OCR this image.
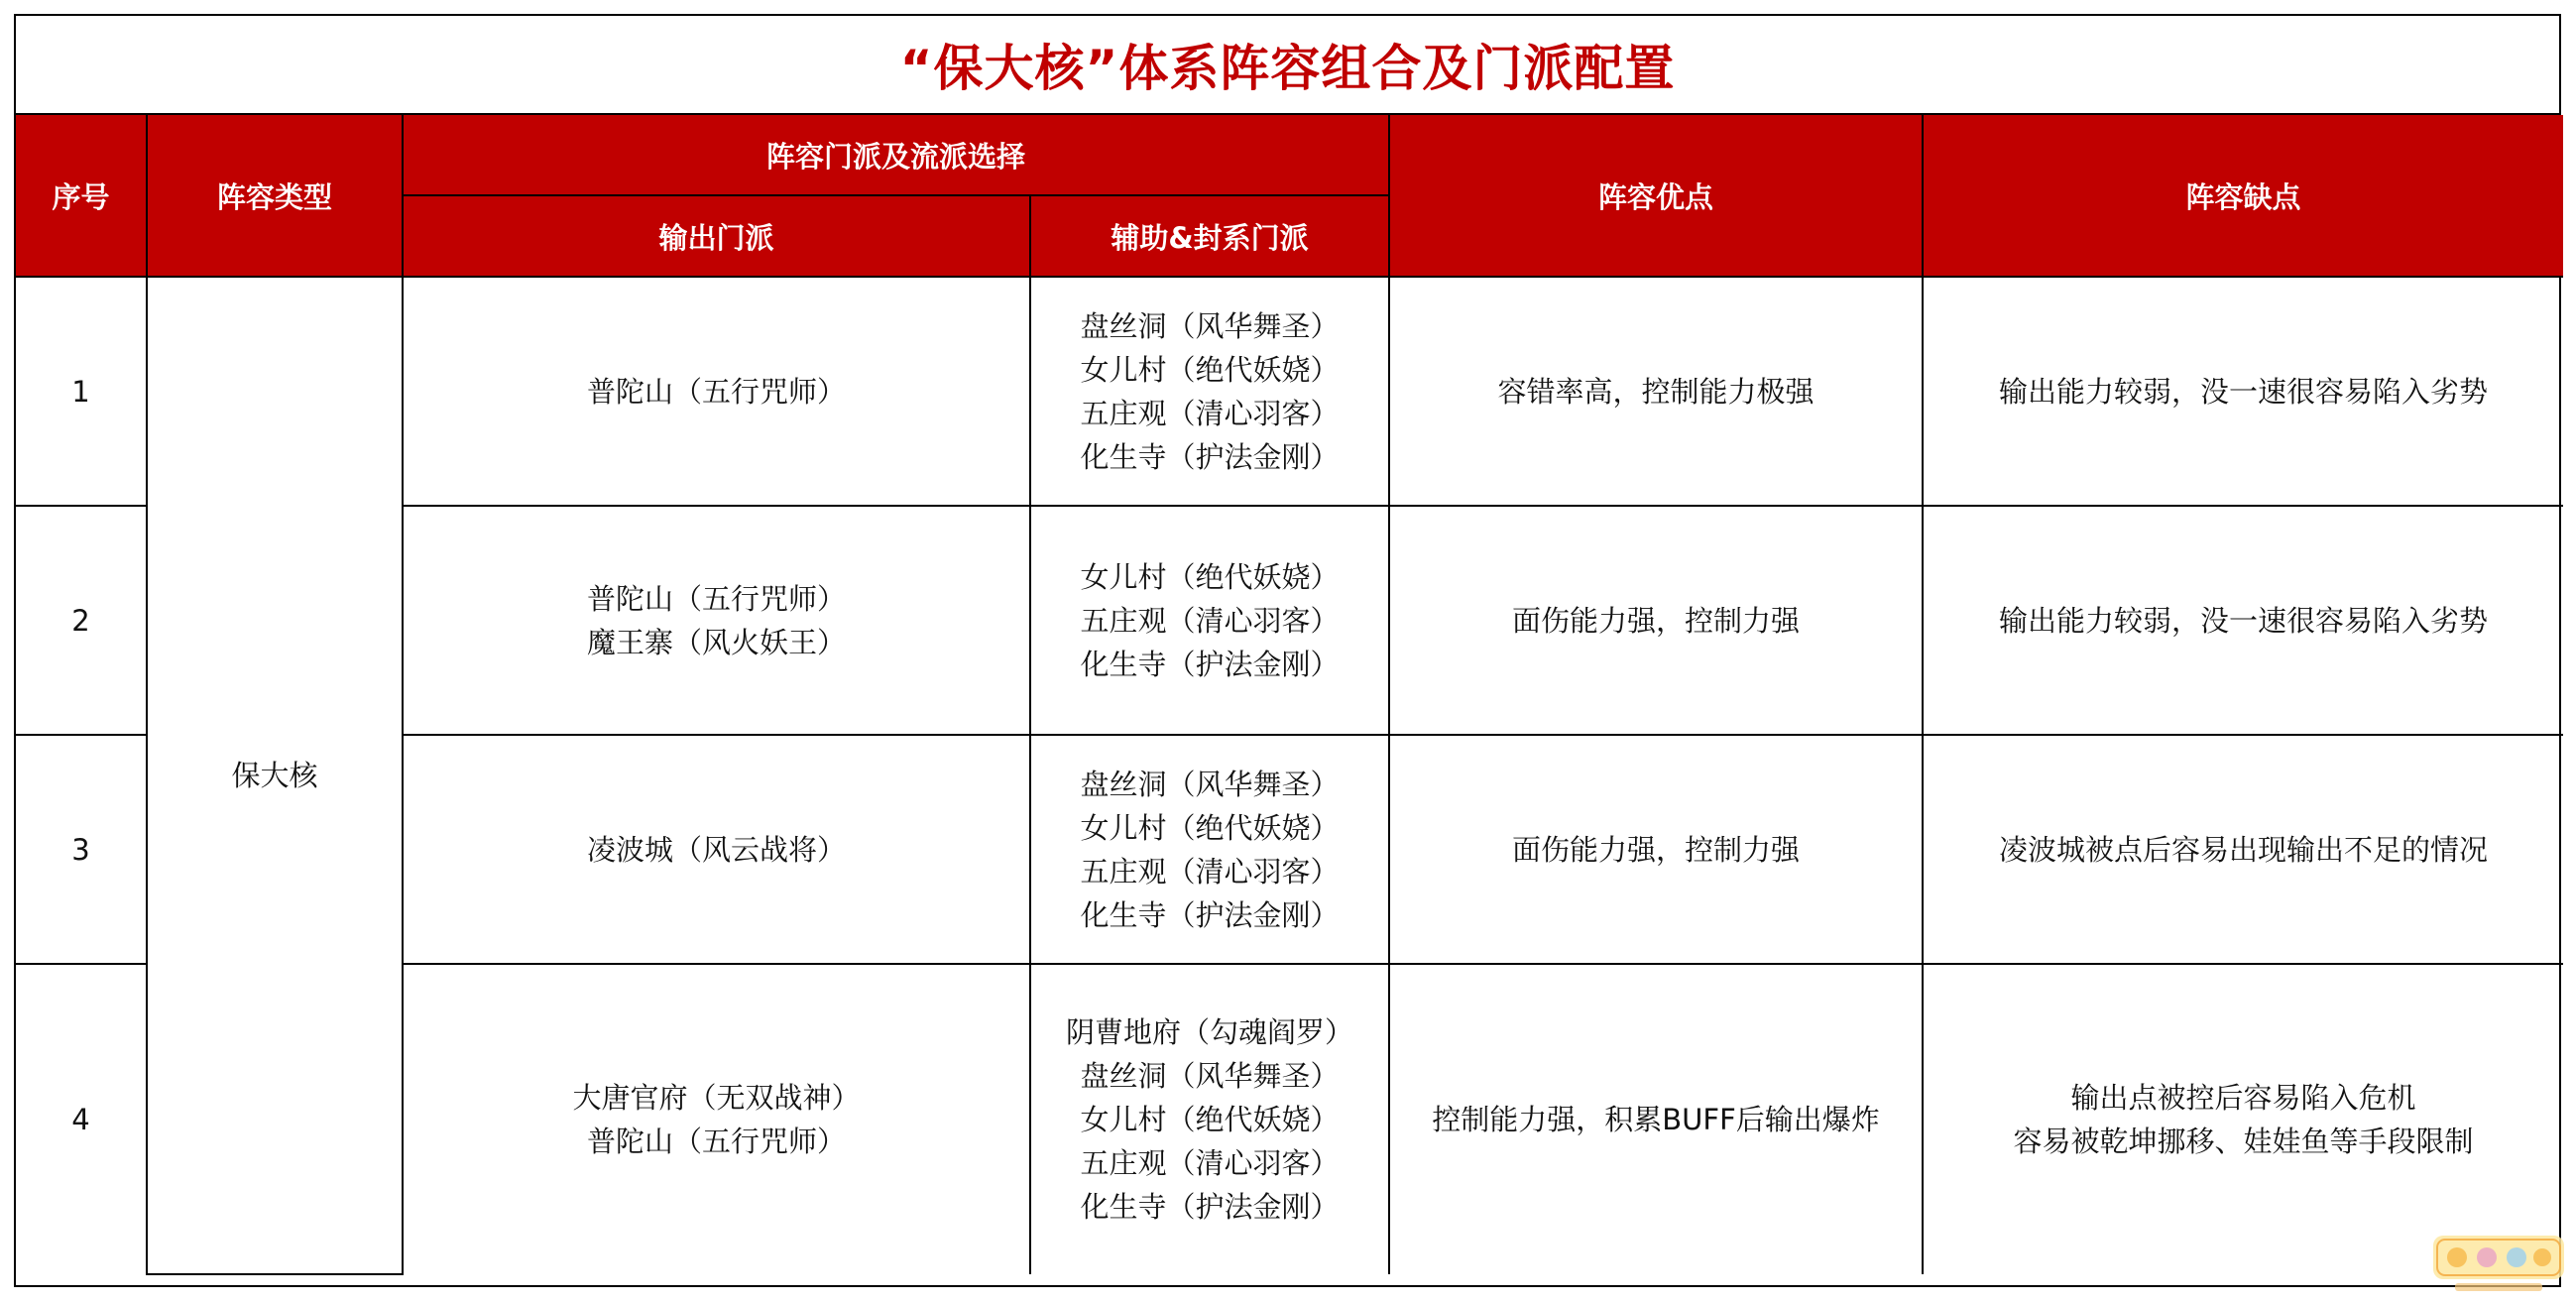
“保大核”体系阵容组合及门派配置
序号	阵容类型	阵容门派及流派选择		阵容优点	阵容缺点
		输出门派	辅助&封系门派		
1	保大核	普陀山（五行咒师）	盘丝洞（风华舞圣）
女儿村（绝代妖娆）
五庄观（清心羽客）
化生寺（护法金刚）	容错率高，控制能力极强	输出能力较弱，没一速很容易陷入劣势

2		普陀山（五行咒师）
魔王寨（风火妖王）	女儿村（绝代妖娆）
五庄观（清心羽客）
化生寺（护法金刚）	面伤能力强，控制力强	输出能力较弱，没一速很容易陷入劣势

3		凌波城（风云战将）	盘丝洞（风华舞圣）
女儿村（绝代妖娆）
五庄观（清心羽客）
化生寺（护法金刚）	面伤能力强，控制力强	凌波城被点后容易出现输出不足的情况

4		大唐官府（无双战神）
普陀山（五行咒师）	阴曹地府（勾魂阎罗）
盘丝洞（风华舞圣）
女儿村（绝代妖娆）
五庄观（清心羽客）
化生寺（护法金刚）	控制能力强，积累BUFF后输出爆炸	输出点被控后容易陷入危机
容易被乾坤挪移、娃娃鱼等手段限制
